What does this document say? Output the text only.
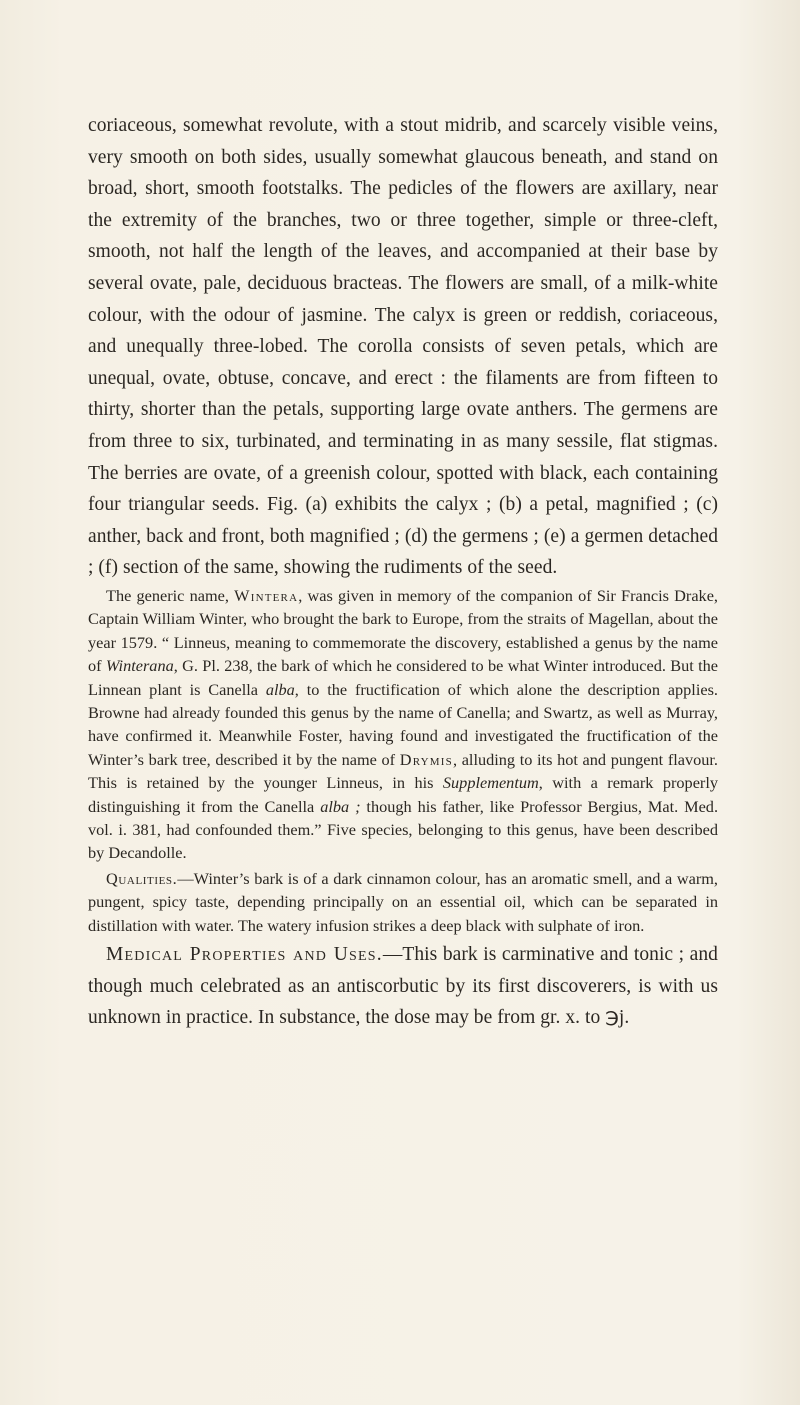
coriaceous, somewhat revolute, with a stout midrib, and scarcely visible veins, very smooth on both sides, usually somewhat glaucous beneath, and stand on broad, short, smooth footstalks. The pedicles of the flowers are axillary, near the extremity of the branches, two or three together, simple or three-cleft, smooth, not half the length of the leaves, and accompanied at their base by several ovate, pale, deciduous bracteas. The flowers are small, of a milk-white colour, with the odour of jasmine. The calyx is green or reddish, coriaceous, and unequally three-lobed. The corolla consists of seven petals, which are unequal, ovate, obtuse, concave, and erect : the filaments are from fifteen to thirty, shorter than the petals, supporting large ovate anthers. The germens are from three to six, turbinated, and terminating in as many sessile, flat stigmas. The berries are ovate, of a greenish colour, spotted with black, each containing four triangular seeds. Fig. (a) exhibits the calyx ; (b) a petal, magnified ; (c) anther, back and front, both magnified ; (d) the germens ; (e) a germen detached ; (f) section of the same, showing the rudiments of the seed.

The generic name, Wintera, was given in memory of the companion of Sir Francis Drake, Captain William Winter, who brought the bark to Europe, from the straits of Magellan, about the year 1579. “ Linneus, meaning to commemorate the discovery, established a genus by the name of Winterana, G. Pl. 238, the bark of which he considered to be what Winter introduced. But the Linnean plant is Canella alba, to the fructification of which alone the description applies. Browne had already founded this genus by the name of Canella; and Swartz, as well as Murray, have confirmed it. Meanwhile Foster, having found and investigated the fructification of the Winter’s bark tree, described it by the name of Drymis, alluding to its hot and pungent flavour. This is retained by the younger Linneus, in his Supplementum, with a remark properly distinguishing it from the Canella alba ; though his father, like Professor Bergius, Mat. Med. vol. i. 381, had confounded them.” Five species, belonging to this genus, have been described by Decandolle.

Qualities.—Winter’s bark is of a dark cinnamon colour, has an aromatic smell, and a warm, pungent, spicy taste, depending principally on an essential oil, which can be separated in distillation with water. The watery infusion strikes a deep black with sulphate of iron.

Medical Properties and Uses.—This bark is carminative and tonic ; and though much celebrated as an antiscorbutic by its first discoverers, is with us unknown in practice. In substance, the dose may be from gr. x. to ℈j.
